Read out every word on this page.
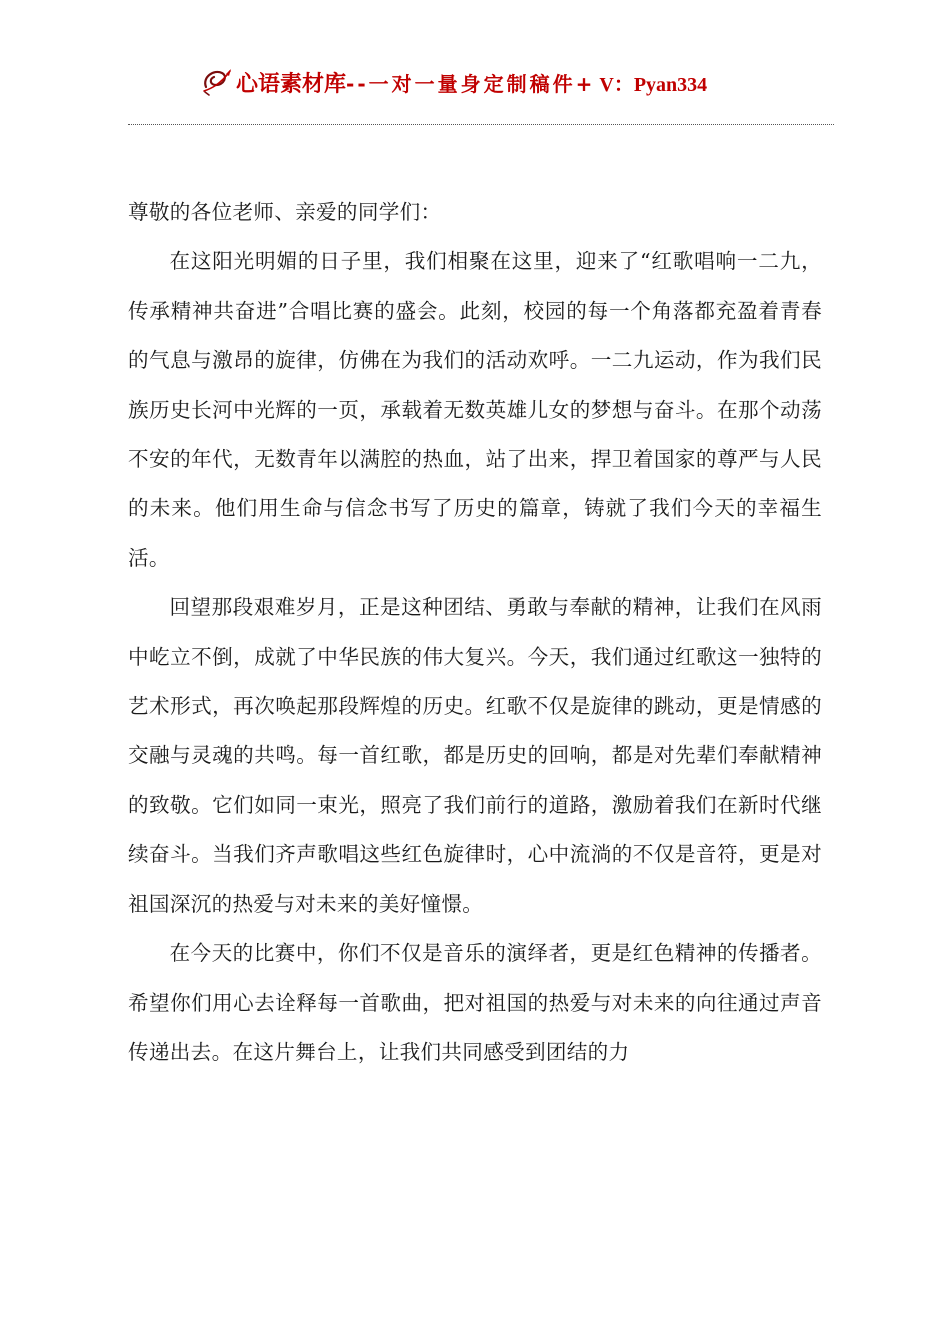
心语素材库 --一对一量身定制稿件+ V：Pyan334

尊敬的各位老师、亲爱的同学们：

在这阳光明媚的日子里，我们相聚在这里，迎来了“红歌唱响一二九，传承精神共奋进”合唱比赛的盛会。此刻，校园的每一个角落都充盈着青春的气息与激昂的旋律，仿佛在为我们的活动欢呼。一二九运动，作为我们民族历史长河中光辉的一页，承载着无数英雄儿女的梦想与奋斗。在那个动荡不安的年代，无数青年以满腔的热血，站了出来，捍卫着国家的尊严与人民的未来。他们用生命与信念书写了历史的篇章，铸就了我们今天的幸福生活。

回望那段艰难岁月，正是这种团结、勇敢与奉献的精神，让我们在风雨中屹立不倒，成就了中华民族的伟大复兴。今天，我们通过红歌这一独特的艺术形式，再次唤起那段辉煌的历史。红歌不仅是旋律的跳动，更是情感的交融与灵魂的共鸣。每一首红歌，都是历史的回响，都是对先辈们奉献精神的致敬。它们如同一束光，照亮了我们前行的道路，激励着我们在新时代继续奋斗。当我们齐声歌唱这些红色旋律时，心中流淌的不仅是音符，更是对祖国深沉的热爱与对未来的美好憧憬。

在今天的比赛中，你们不仅是音乐的演绎者，更是红色精神的传播者。希望你们用心去诠释每一首歌曲，把对祖国的热爱与对未来的向往通过声音传递出去。在这片舞台上，让我们共同感受到团结的力
